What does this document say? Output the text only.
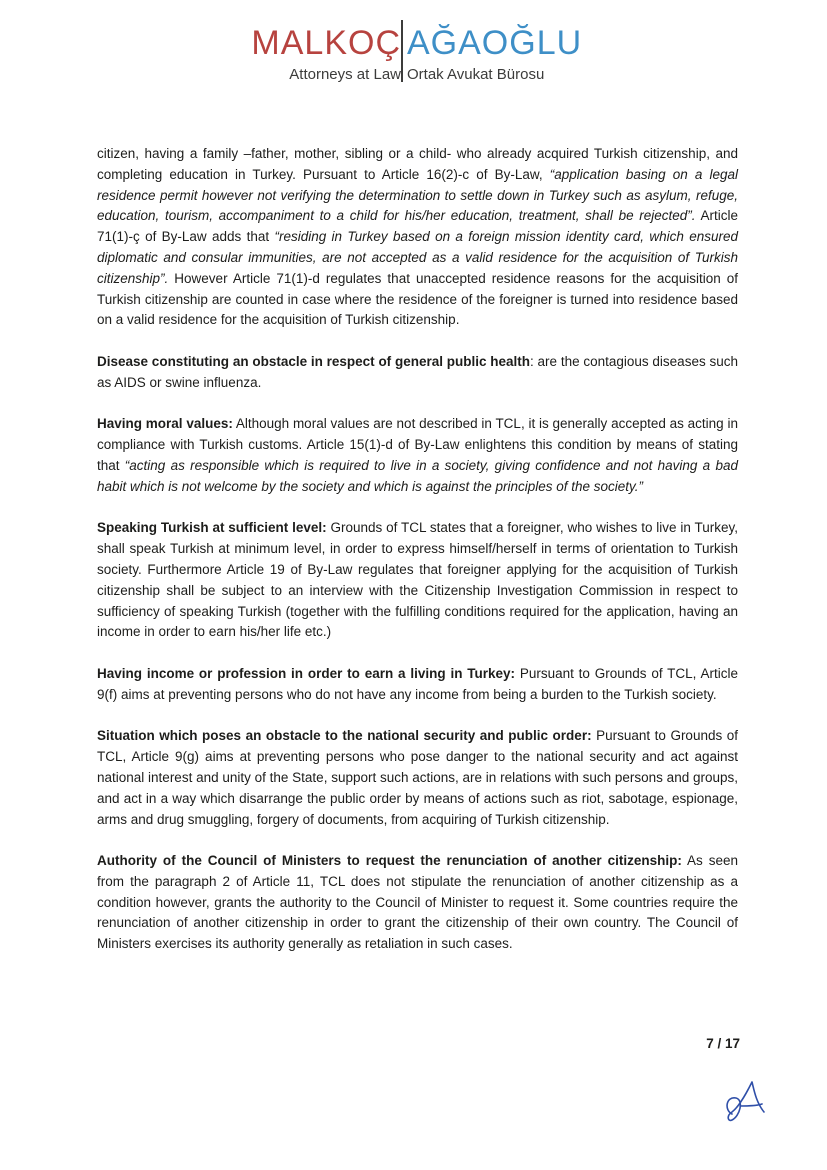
MALKOÇ
Attorneys at Law
AĞAOĞLU
Ortak Avukat Bürosu

citizen, having a family –father, mother, sibling or a child- who already acquired Turkish citizenship, and completing education in Turkey. Pursuant to Article 16(2)-c of By-Law, “application basing on a legal residence permit however not verifying the determination to settle down in Turkey such as asylum, refuge, education, tourism, accompaniment to a child for his/her education, treatment, shall be rejected”. Article 71(1)-ç of By-Law adds that “residing in Turkey based on a foreign mission identity card, which ensured diplomatic and consular immunities, are not accepted as a valid residence for the acquisition of Turkish citizenship”. However Article 71(1)-d regulates that unaccepted residence reasons for the acquisition of Turkish citizenship are counted in case where the residence of the foreigner is turned into residence based on a valid residence for the acquisition of Turkish citizenship.

Disease constituting an obstacle in respect of general public health: are the contagious diseases such as AIDS or swine influenza.

Having moral values: Although moral values are not described in TCL, it is generally accepted as acting in compliance with Turkish customs. Article 15(1)-d of By-Law enlightens this condition by means of stating that “acting as responsible which is required to live in a society, giving confidence and not having a bad habit which is not welcome by the society and which is against the principles of the society.”

Speaking Turkish at sufficient level: Grounds of TCL states that a foreigner, who wishes to live in Turkey, shall speak Turkish at minimum level, in order to express himself/herself in terms of orientation to Turkish society. Furthermore Article 19 of By-Law regulates that foreigner applying for the acquisition of Turkish citizenship shall be subject to an interview with the Citizenship Investigation Commission in respect to sufficiency of speaking Turkish (together with the fulfilling conditions required for the application, having an income in order to earn his/her life etc.)

Having income or profession in order to earn a living in Turkey: Pursuant to Grounds of TCL, Article 9(f) aims at preventing persons who do not have any income from being a burden to the Turkish society.

Situation which poses an obstacle to the national security and public order: Pursuant to Grounds of TCL, Article 9(g) aims at preventing persons who pose danger to the national security and act against national interest and unity of the State, support such actions, are in relations with such persons and groups, and act in a way which disarrange the public order by means of actions such as riot, sabotage, espionage, arms and drug smuggling, forgery of documents, from acquiring of Turkish citizenship.

Authority of the Council of Ministers to request the renunciation of another citizenship: As seen from the paragraph 2 of Article 11, TCL does not stipulate the renunciation of another citizenship as a condition however, grants the authority to the Council of Minister to request it. Some countries require the renunciation of another citizenship in order to grant the citizenship of their own country. The Council of Ministers exercises its authority generally as retaliation in such cases.

7 / 17
